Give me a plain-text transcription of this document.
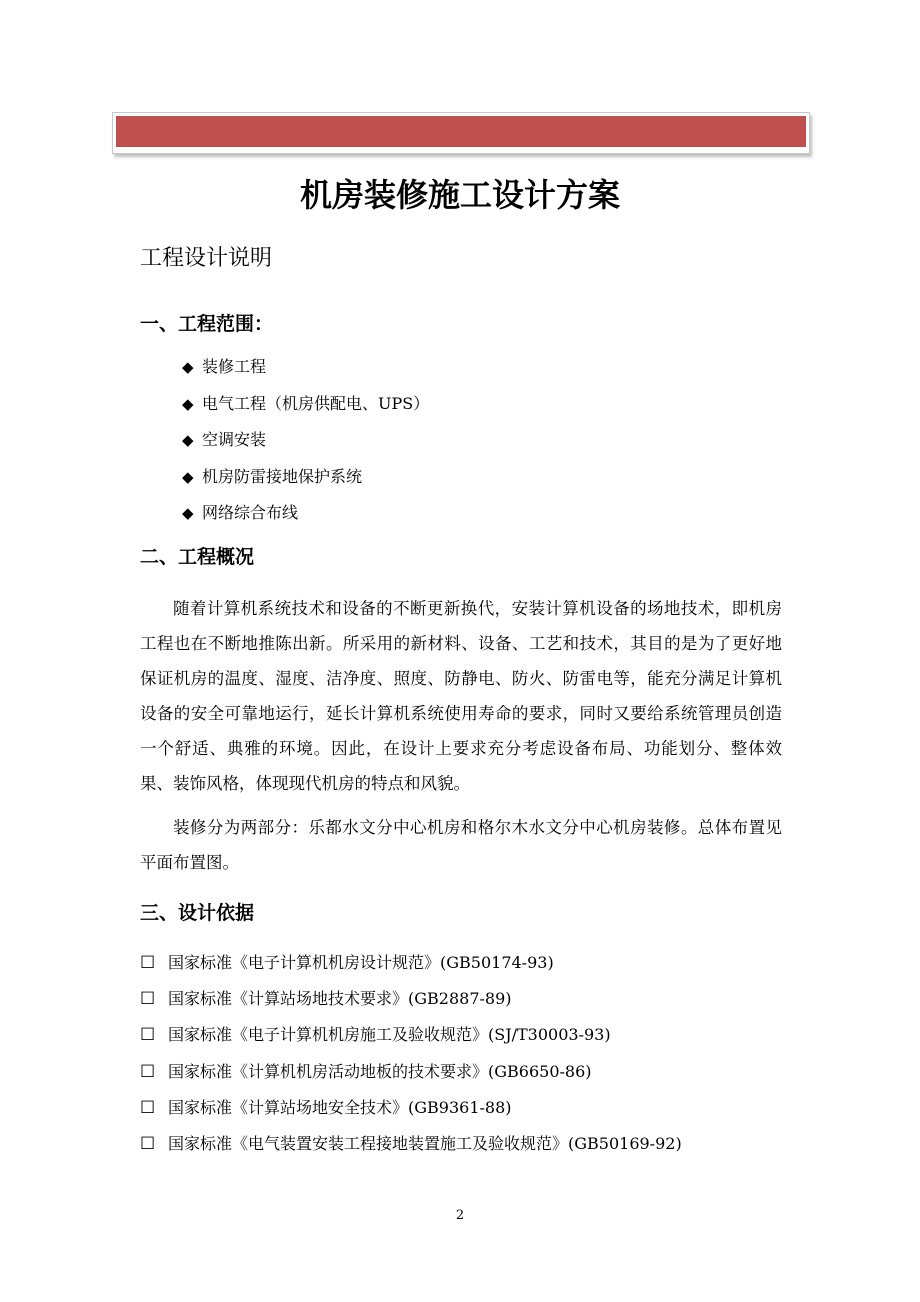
机房装修施工设计方案
工程设计说明
一、工程范围：
◆ 装修工程
◆ 电气工程（机房供配电、UPS）
◆ 空调安装
◆ 机房防雷接地保护系统
◆ 网络综合布线
二、工程概况

随着计算机系统技术和设备的不断更新换代，安装计算机设备的场地技术，即机房工程也在不断地推陈出新。所采用的新材料、设备、工艺和技术，其目的是为了更好地保证机房的温度、湿度、洁净度、照度、防静电、防火、防雷电等，能充分满足计算机设备的安全可靠地运行，延长计算机系统使用寿命的要求，同时又要给系统管理员创造一个舒适、典雅的环境。因此，在设计上要求充分考虑设备布局、功能划分、整体效果、装饰风格，体现现代机房的特点和风貌。

装修分为两部分：乐都水文分中心机房和格尔木水文分中心机房装修。总体布置见平面布置图。

三、设计依据
☐ 国家标准《电子计算机机房设计规范》(GB50174-93)
☐ 国家标准《计算站场地技术要求》(GB2887-89)
☐ 国家标准《电子计算机机房施工及验收规范》(SJ/T30003-93)
☐ 国家标准《计算机机房活动地板的技术要求》(GB6650-86)
☐ 国家标准《计算站场地安全技术》(GB9361-88)
☐ 国家标准《电气装置安装工程接地装置施工及验收规范》(GB50169-92)
2
